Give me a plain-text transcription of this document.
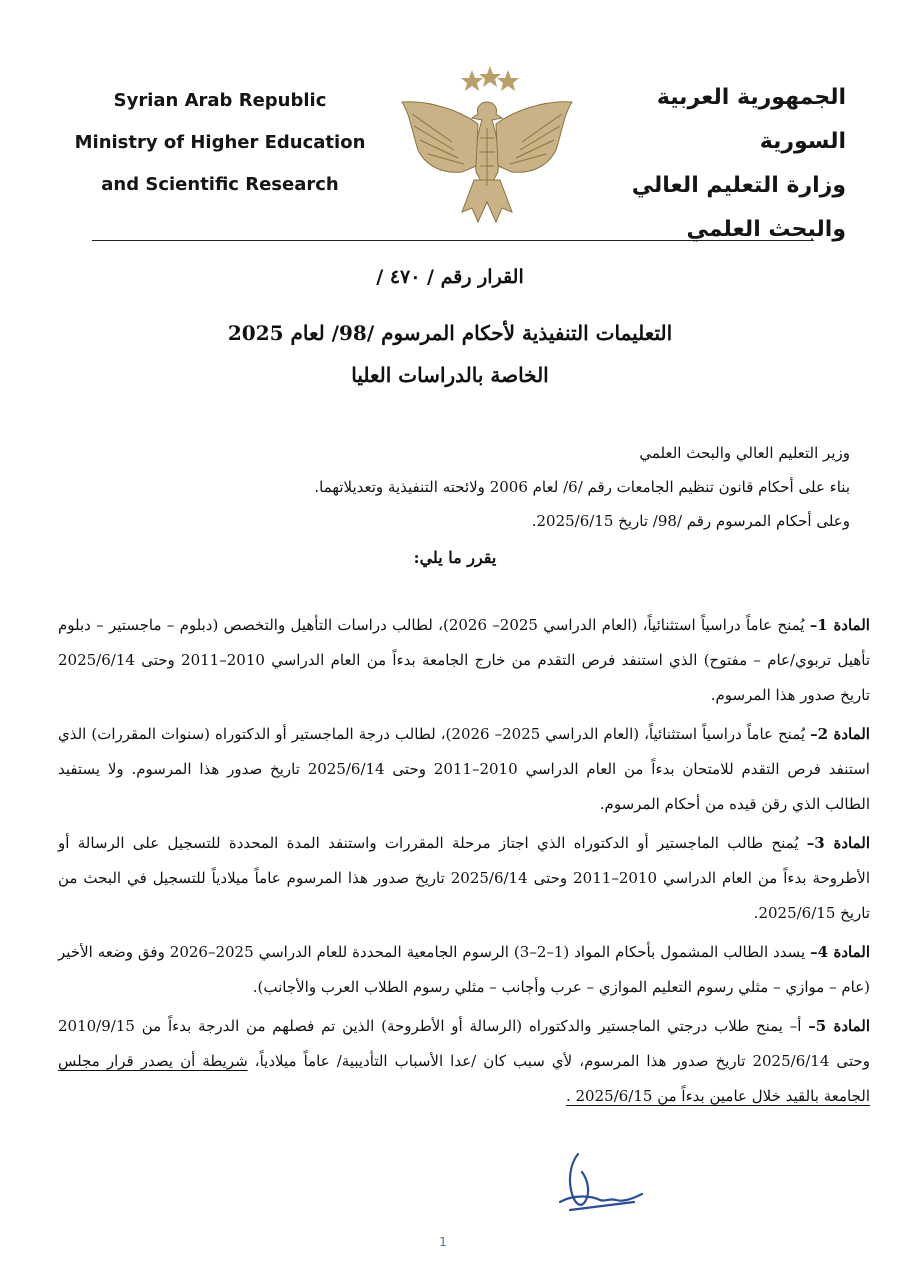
Syrian Arab Republic
Ministry of Higher Education
and Scientific Research
الجمهورية العربية السورية
وزارة التعليم العالي
والبحث العلمي
القرار رقم / ٤٧٠ /
التعليمات التنفيذية لأحكام المرسوم /98/ لعام 2025
الخاصة بالدراسات العليا
وزير التعليم العالي والبحث العلمي
بناء على أحكام قانون تنظيم الجامعات رقم /6/ لعام 2006 ولائحته التنفيذية وتعديلاتهما.
وعلى أحكام المرسوم رقم /98/ تاريخ 2025/6/15.
يقرر ما يلي:
المادة 1– يُمنح عاماً دراسياً استثنائياً، (العام الدراسي 2025– 2026)، لطالب دراسات التأهيل والتخصص (دبلوم – ماجستير – دبلوم تأهيل تربوي/عام – مفتوح) الذي استنفد فرص التقدم من خارج الجامعة بدءاً من العام الدراسي 2010–2011 وحتى 2025/6/14 تاريخ صدور هذا المرسوم.
المادة 2– يُمنح عاماً دراسياً استثنائياً، (العام الدراسي 2025– 2026)، لطالب درجة الماجستير أو الدكتوراه (سنوات المقررات) الذي استنفد فرص التقدم للامتحان بدءاً من العام الدراسي 2010–2011 وحتى 2025/6/14 تاريخ صدور هذا المرسوم. ولا يستفيد الطالب الذي رقن قيده من أحكام المرسوم.
المادة 3– يُمنح طالب الماجستير أو الدكتوراه الذي اجتاز مرحلة المقررات واستنفد المدة المحددة للتسجيل على الرسالة أو الأطروحة بدءاً من العام الدراسي 2010–2011 وحتى 2025/6/14 تاريخ صدور هذا المرسوم عاماً ميلادياً للتسجيل في البحث من تاريخ 2025/6/15.
المادة 4– يسدد الطالب المشمول بأحكام المواد (1–2–3) الرسوم الجامعية المحددة للعام الدراسي 2025–2026 وفق وضعه الأخير (عام – موازي – مثلي رسوم التعليم الموازي – عرب وأجانب – مثلي رسوم الطلاب العرب والأجانب).
المادة 5– أ– يمنح طلاب درجتي الماجستير والدكتوراه (الرسالة أو الأطروحة) الذين تم فصلهم من الدرجة بدءاً من 2010/9/15 وحتى 2025/6/14 تاريخ صدور هذا المرسوم، لأي سبب كان /عدا الأسباب التأديبية/ عاماً ميلادياً، شريطة أن يصدر قرار مجلس الجامعة بالقيد خلال عامين بدءاً من 2025/6/15 .
1
